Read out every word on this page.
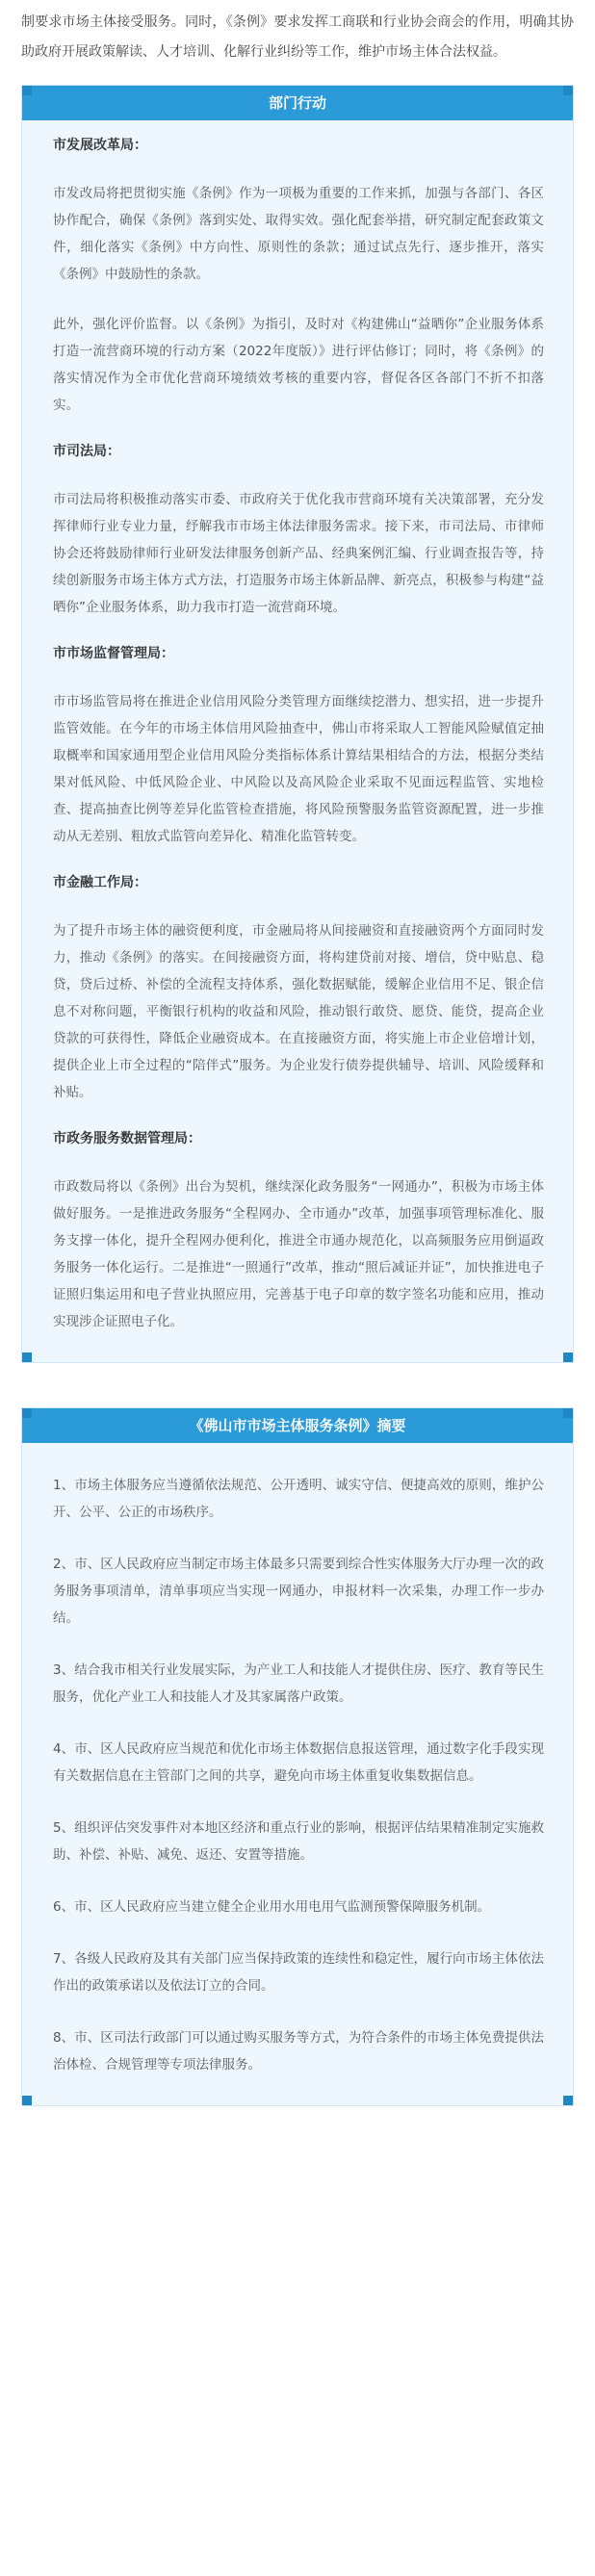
制要求市场主体接受服务。同时，《条例》要求发挥工商联和行业协会商会的作用，明确其协助政府开展政策解读、人才培训、化解行业纠纷等工作，维护市场主体合法权益。

部门行动

市发展改革局：

市发改局将把贯彻实施《条例》作为一项极为重要的工作来抓，加强与各部门、各区协作配合，确保《条例》落到实处、取得实效。强化配套举措，研究制定配套政策文件，细化落实《条例》中方向性、原则性的条款；通过试点先行、逐步推开，落实《条例》中鼓励性的条款。

此外，强化评价监督。以《条例》为指引，及时对《构建佛山“益晒你”企业服务体系打造一流营商环境的行动方案（2022年度版）》进行评估修订；同时，将《条例》的落实情况作为全市优化营商环境绩效考核的重要内容，督促各区各部门不折不扣落实。

市司法局：

市司法局将积极推动落实市委、市政府关于优化我市营商环境有关决策部署，充分发挥律师行业专业力量，纾解我市市场主体法律服务需求。接下来，市司法局、市律师协会还将鼓励律师行业研发法律服务创新产品、经典案例汇编、行业调查报告等，持续创新服务市场主体方式方法，打造服务市场主体新品牌、新亮点，积极参与构建“益晒你”企业服务体系，助力我市打造一流营商环境。

市市场监督管理局：

市市场监管局将在推进企业信用风险分类管理方面继续挖潜力、想实招，进一步提升监管效能。在今年的市场主体信用风险抽查中，佛山市将采取人工智能风险赋值定抽取概率和国家通用型企业信用风险分类指标体系计算结果相结合的方法，根据分类结果对低风险、中低风险企业、中风险以及高风险企业采取不见面远程监管、实地检查、提高抽查比例等差异化监管检查措施，将风险预警服务监管资源配置，进一步推动从无差别、粗放式监管向差异化、精准化监管转变。

市金融工作局：

为了提升市场主体的融资便利度，市金融局将从间接融资和直接融资两个方面同时发力，推动《条例》的落实。在间接融资方面，将构建贷前对接、增信，贷中贴息、稳贷，贷后过桥、补偿的全流程支持体系，强化数据赋能，缓解企业信用不足、银企信息不对称问题，平衡银行机构的收益和风险，推动银行敢贷、愿贷、能贷，提高企业贷款的可获得性，降低企业融资成本。在直接融资方面，将实施上市企业倍增计划，提供企业上市全过程的“陪伴式”服务。为企业发行债券提供辅导、培训、风险缓释和补贴。

市政务服务数据管理局：

市政数局将以《条例》出台为契机，继续深化政务服务“一网通办”，积极为市场主体做好服务。一是推进政务服务“全程网办、全市通办”改革，加强事项管理标准化、服务支撑一体化，提升全程网办便利化，推进全市通办规范化，以高频服务应用倒逼政务服务一体化运行。二是推进“一照通行”改革，推动“照后减证并证”，加快推进电子证照归集运用和电子营业执照应用，完善基于电子印章的数字签名功能和应用，推动实现涉企证照电子化。

《佛山市市场主体服务条例》摘要

1、市场主体服务应当遵循依法规范、公开透明、诚实守信、便捷高效的原则，维护公开、公平、公正的市场秩序。

2、市、区人民政府应当制定市场主体最多只需要到综合性实体服务大厅办理一次的政务服务事项清单，清单事项应当实现一网通办，申报材料一次采集，办理工作一步办结。

3、结合我市相关行业发展实际，为产业工人和技能人才提供住房、医疗、教育等民生服务，优化产业工人和技能人才及其家属落户政策。

4、市、区人民政府应当规范和优化市场主体数据信息报送管理，通过数字化手段实现有关数据信息在主管部门之间的共享，避免向市场主体重复收集数据信息。

5、组织评估突发事件对本地区经济和重点行业的影响，根据评估结果精准制定实施救助、补偿、补贴、减免、返还、安置等措施。

6、市、区人民政府应当建立健全企业用水用电用气监测预警保障服务机制。

7、各级人民政府及其有关部门应当保持政策的连续性和稳定性，履行向市场主体依法作出的政策承诺以及依法订立的合同。

8、市、区司法行政部门可以通过购买服务等方式，为符合条件的市场主体免费提供法治体检、合规管理等专项法律服务。
